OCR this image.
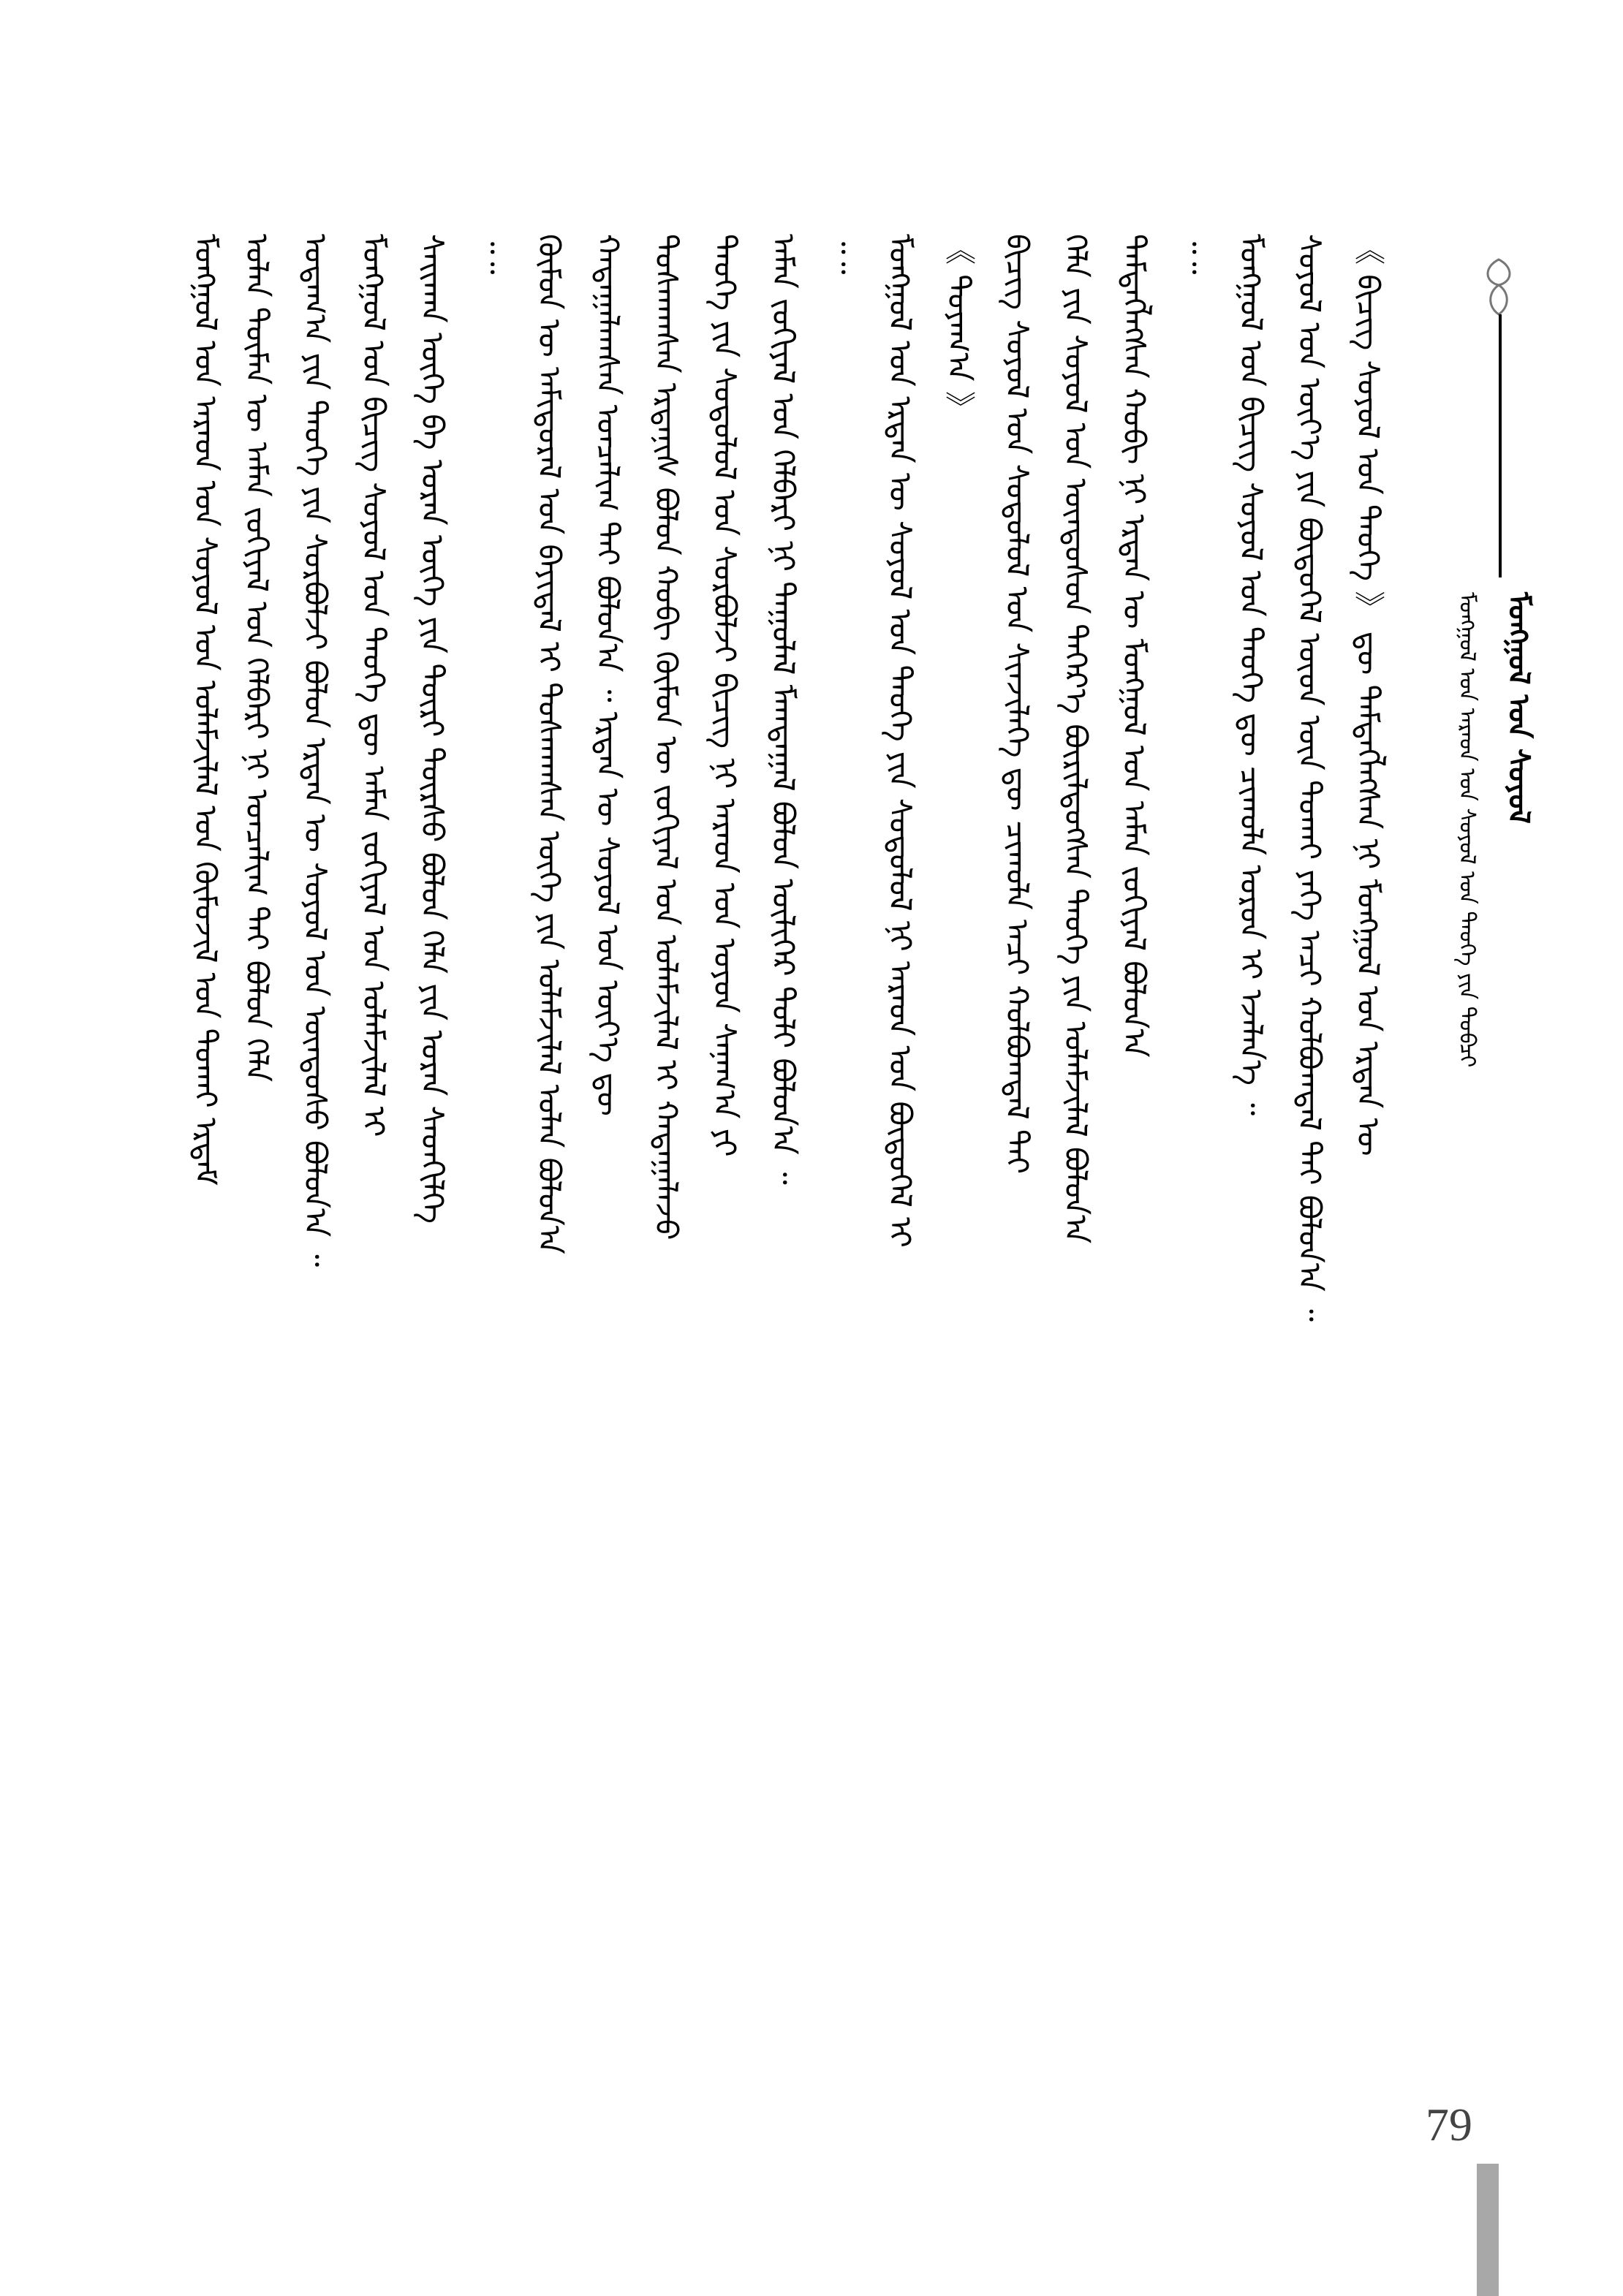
ᠮᠣᠩᠭᠣᠯ ᠤᠨ ᠰᠣᠶᠣᠯ
ᠮᠣᠩᠭᠣᠯ ᠤᠨ ᠠᠷᠠᠳ ᠤᠨ ᠰᠣᠶᠣᠯ ᠤᠨ ᠲᠡᠦᠬᠡ ᠶᠢᠨ ᠲᠣᠪᠴᠢ
《 ᠪᠢᠴᠢᠭ ᠰᠣᠶᠣᠯ ᠤᠨ ᠲᠡᠦᠬᠡ 》 ᠳᠦ ᠲᠡᠮᠳᠡᠭᠯᠡᠭᠰᠡᠨ ᠨᠢ ᠮᠣᠩᠭᠣᠯ ᠤᠨ ᠡᠷᠲᠡᠨ ᠦ
ᠰᠣᠶᠣᠯ ᠤᠨ ᠦᠶ᠎ᠡ ᠶᠢᠨ ᠪᠦᠲᠦᠭᠡᠯ ᠦᠳ ᠦᠨ ᠲᠤᠬᠠᠢ ᠶᠡᠬᠡ ᠠᠴᠢ ᠬᠣᠯᠪᠣᠭᠳᠠᠯ ᠲᠠᠢ ᠪᠣᠯᠤᠨ᠎ᠠ ᠃
ᠮᠣᠩᠭᠣᠯ ᠤᠨ ᠪᠢᠴᠢᠭ ᠰᠣᠶᠣᠯ ᠤᠨ ᠲᠡᠦᠬᠡ ᠳᠦ ᠴᠢᠬᠤᠯᠠ ᠣᠷᠤᠨ ᠢ ᠡᠵᠡᠯᠡᠨ᠎ᠡ ᠃
᠃᠃
ᠲᠡᠮᠳᠡᠭᠯᠡᠭᠰᠡᠨ ᠬᠤᠪᠢ ᠨᠢ ᠡᠷᠲᠡᠨ ᠦ ᠮᠣᠩᠭᠣᠯ ᠤᠨ ᠠᠮᠠᠨ ᠵᠣᠬᠢᠶᠠᠯ ᠪᠣᠯᠤᠨ᠎ᠠ
ᠬᠡᠯᠡ ᠶᠢᠨ ᠰᠣᠶᠣᠯ ᠤᠨ ᠦᠨᠳᠦᠰᠦᠨ ᠳᠡᠭᠡᠷ᠎ᠡ ᠪᠦᠷᠢᠯᠳᠦᠭᠰᠡᠨ ᠲᠡᠦᠬᠡ ᠶᠢᠨ ᠤᠯᠠᠮᠵᠢᠯᠠᠯ ᠪᠣᠯᠤᠨ᠎ᠠ
ᠪᠢᠴᠢᠭ ᠰᠣᠶᠣᠯ ᠤᠨ ᠰᠤᠳᠤᠯᠤᠯ ᠤᠨ ᠰᠢᠨᠵᠢᠯᠡᠭᠡ ᠳᠦ ᠴᠢᠬᠤᠯᠠ ᠠᠴᠢ ᠬᠣᠯᠪᠣᠭᠳᠠᠯ ᠲᠠᠢ
《 ᠲᠤᠶᠠᠭ᠎ᠠ 》
ᠮᠣᠩᠭᠣᠯ ᠤᠨ ᠡᠷᠲᠡᠨ ᠦ ᠰᠣᠶᠣᠯ ᠤᠨ ᠲᠡᠦᠬᠡ ᠶᠢᠨ ᠰᠤᠳᠤᠯᠤᠯ ᠨᠢ ᠠᠷᠠᠳ ᠤᠨ ᠪᠦᠲᠦᠭᠡᠯ ᠢ
᠃᠃
ᠠᠮᠠᠨ ᠵᠣᠬᠢᠶᠠᠯ ᠤᠨ ᠬᠡᠯᠪᠡᠷᠢ ᠨᠢ ᠳᠠᠭᠤᠯᠠᠯ ᠮᠠᠭᠲᠠᠭᠠᠯ ᠪᠣᠯᠤᠨ ᠦᠯᠢᠭᠡᠷ ᠲᠣᠯᠢ ᠪᠣᠯᠤᠨ᠎ᠠ ᠃
ᠲᠡᠦᠬᠡ ᠶᠢᠨ ᠰᠤᠳᠤᠯᠤᠯ ᠤᠨ ᠰᠤᠷᠪᠤᠯᠵᠢ ᠪᠢᠴᠢᠭ ᠨᠢ ᠠᠷᠠᠳ ᠤᠨ ᠤᠶᠤᠨ ᠰᠠᠨᠠᠭ᠎ᠠ ᠶᠢ
ᠲᠤᠰᠬᠠᠭᠰᠠᠨ ᠡᠷᠳᠡᠨᠢᠰ ᠪᠣᠯᠤᠨ ᠬᠤᠪᠢ ᠬᠦᠮᠦᠨ ᠦ ᠵᠣᠬᠢᠶᠠᠯ ᠤᠨ ᠤᠯᠠᠮᠵᠢᠯᠠᠯ ᠢ ᠬᠠᠳᠠᠭᠠᠯᠠᠵᠤ
ᠬᠠᠳᠠᠭᠠᠯᠠᠭᠰᠠᠨ ᠣᠨᠴᠠᠯᠢᠭ ᠲᠠᠢ ᠪᠣᠯᠤᠨ᠎ᠠ ᠃ ᠡᠷᠲᠡᠨ ᠦ ᠰᠣᠶᠣᠯ ᠤᠨ ᠦᠶ᠎ᠡ ᠳᠦ
ᠬᠦᠮᠦᠨ ᠦ ᠠᠮᠢᠳᠤᠷᠠᠯ ᠤᠨ ᠪᠠᠶᠢᠳᠠᠯ ᠢ ᠲᠤᠰᠬᠠᠭᠰᠠᠨ ᠦᠭᠡ ᠶᠢᠨ ᠤᠯᠠᠮᠵᠢᠯᠠᠯ ᠤᠯᠠᠨ ᠪᠣᠯᠤᠨ᠎ᠠ
᠃᠃
ᠰᠠᠢᠬᠠᠨ ᠦᠭᠡ ᠪᠠ ᠤᠷᠠᠨ ᠦᠭᠡ ᠶᠢᠨ ᠳᠦᠷᠢ ᠳᠦᠷᠰᠦ ᠪᠣᠯᠤᠨ ᠬᠡᠯᠡ ᠶᠢᠨ ᠤᠷᠠᠨ ᠰᠡᠳᠬᠢᠯᠭᠡ
ᠮᠣᠩᠭᠣᠯ ᠤᠨ ᠪᠢᠴᠢᠭ ᠰᠣᠶᠣᠯ ᠤᠨ ᠲᠡᠦᠬᠡ ᠳᠦ ᠠᠮᠠᠨ ᠵᠣᠬᠢᠶᠠᠯ ᠤᠨ ᠤᠯᠠᠮᠵᠢᠯᠠᠯ ᠢ
ᠤᠳᠠᠭ᠎ᠠ ᠶᠢᠨ ᠲᠡᠦᠬᠡ ᠶᠢᠨ ᠰᠤᠷᠪᠤᠯᠵᠢ ᠪᠣᠯᠤᠨ ᠡᠷᠲᠡᠨ ᠦ ᠰᠣᠶᠣᠯ ᠤᠨ ᠦᠨᠳᠦᠰᠦ ᠪᠣᠯᠤᠨ᠎ᠠ ᠃
ᠣᠯᠠᠨ ᠲᠦᠮᠡᠨ ᠦ ᠠᠮᠠᠨ ᠵᠣᠬᠢᠶᠠᠯ ᠤᠨ ᠬᠡᠯᠪᠡᠷᠢ ᠨᠢ ᠣᠨᠴᠠᠯᠢᠭ ᠲᠠᠢ ᠪᠣᠯᠤᠨ ᠬᠡᠯᠡ
ᠮᠣᠩᠭᠣᠯ ᠤᠨ ᠠᠷᠠᠳ ᠤᠨ ᠰᠣᠶᠣᠯ ᠤᠨ ᠤᠯᠠᠮᠵᠢᠯᠠᠯ ᠤᠨ ᠬᠦᠮᠦᠵᠢᠯ ᠤᠨ ᠲᠤᠬᠠᠢ ᠡᠷᠳᠡᠮ
79
